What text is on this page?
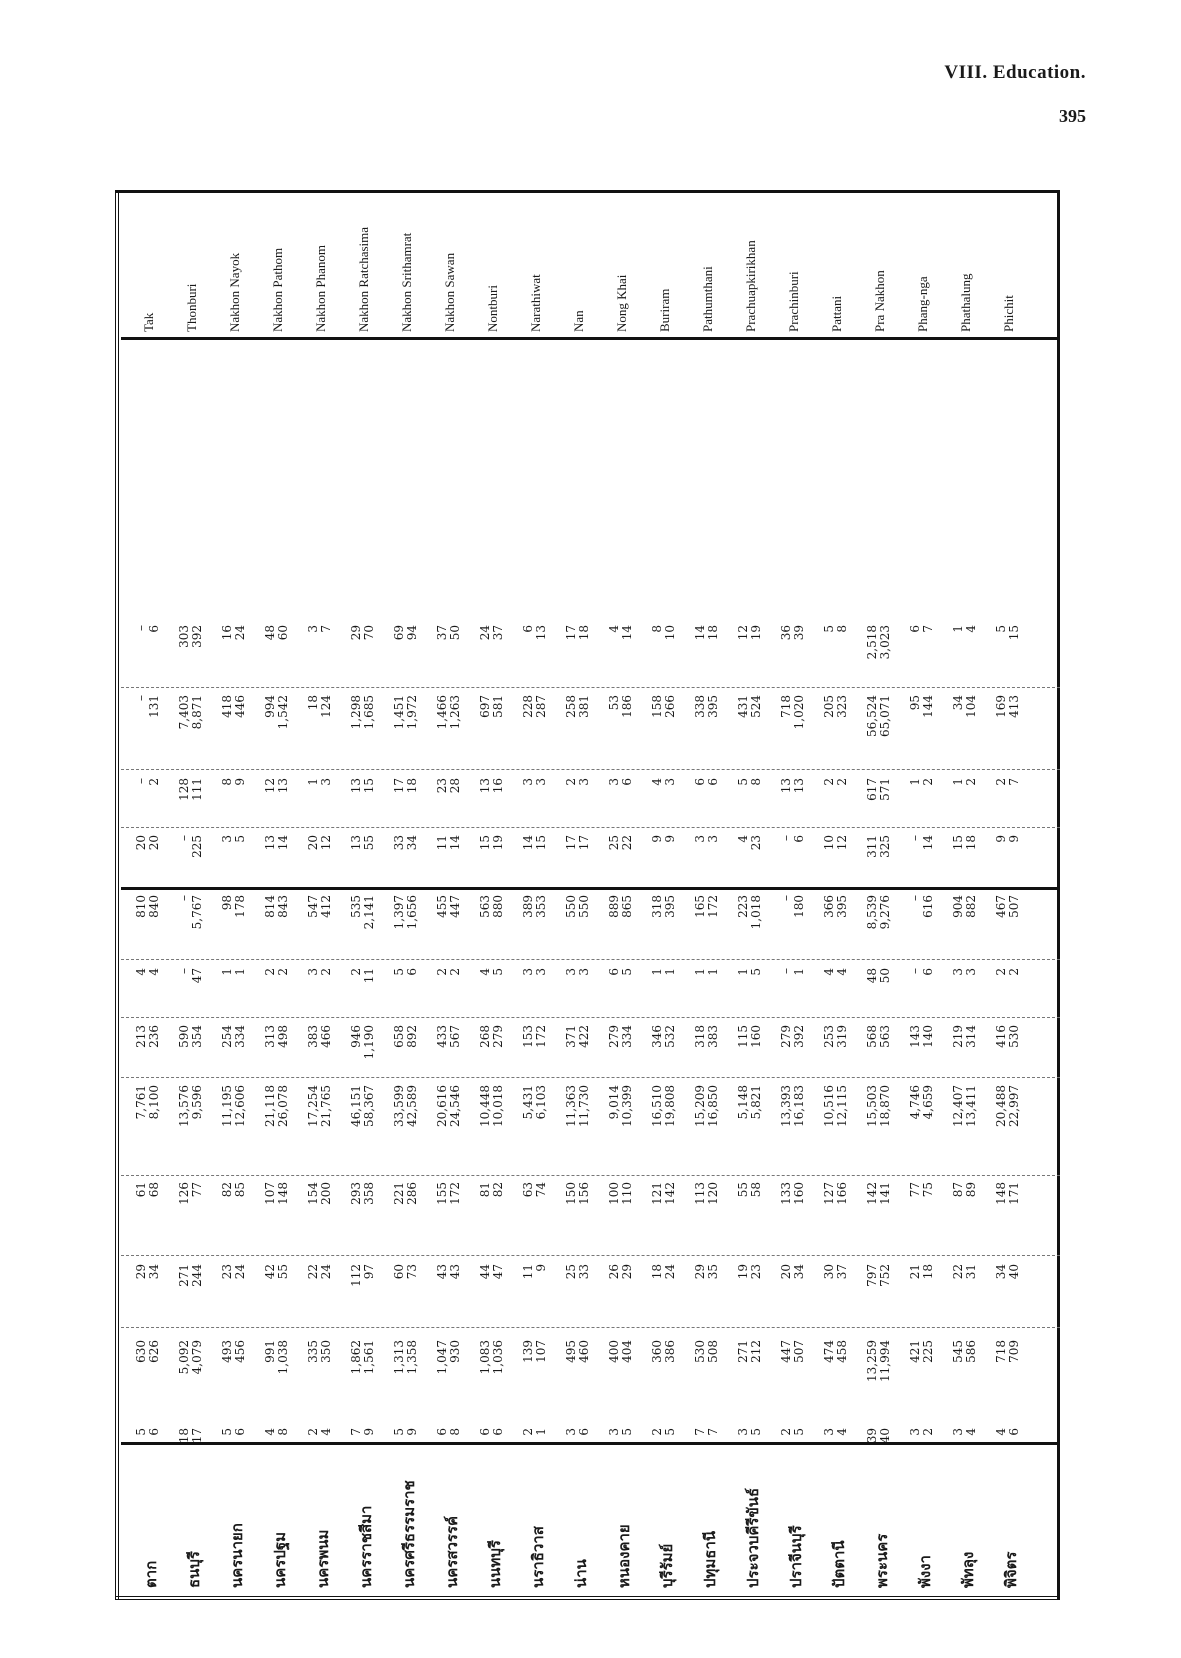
VIII. Education.
395
ตาก
5 6
630 626
29 34
61 68
7,761 8,100
213 236
4 4
810 840
20 20
– 2
– 131
– 6
Tak
ธนบุรี
18 17
5,092 4,079
271 244
126 77
13,576 9,596
590 354
– 47
– 5,767
– 225
128 111
7,403 8,871
303 392
Thonburi
นครนายก
5 6
493 456
23 24
82 85
11,195 12,606
254 334
1 1
98 178
3 5
8 9
418 446
16 24
Nakhon Nayok
นครปฐม
4 8
991 1,038
42 55
107 148
21,118 26,078
313 498
2 2
814 843
13 14
12 13
994 1,542
48 60
Nakhon Pathom
นครพนม
2 4
335 350
22 24
154 200
17,254 21,765
383 466
3 2
547 412
20 12
1 3
18 124
3 7
Nakhon Phanom
นครราชสีมา
7 9
1,862 1,561
112 97
293 358
46,151 58,367
946 1,190
2 11
535 2,141
13 55
13 15
1,298 1,685
29 70
Nakhon Ratchasima
นครศรีธรรมราช
5 9
1,313 1,358
60 73
221 286
33,599 42,589
658 892
5 6
1,397 1,656
33 34
17 18
1,451 1,972
69 94
Nakhon Srithamrat
นครสวรรค์
6 8
1,047 930
43 43
155 172
20,616 24,546
433 567
2 2
455 447
11 14
23 28
1,466 1,263
37 50
Nakhon Sawan
นนทบุรี
6 6
1,083 1,036
44 47
81 82
10,448 10,018
268 279
4 5
563 880
15 19
13 16
697 581
24 37
Nontburi
นราธิวาส
2 1
139 107
11 9
63 74
5,431 6,103
153 172
3 3
389 353
14 15
3 3
228 287
6 13
Narathiwat
น่าน
3 6
495 460
25 33
150 156
11,363 11,730
371 422
3 3
550 550
17 17
2 3
258 381
17 18
Nan
หนองคาย
3 5
400 404
26 29
100 110
9,014 10,399
279 334
6 5
889 865
25 22
3 6
53 186
4 14
Nong Khai
บุรีรัมย์
2 5
360 386
18 24
121 142
16,510 19,808
346 532
1 1
318 395
9 9
4 3
158 266
8 10
Buriram
ปทุมธานี
7 7
530 508
29 35
113 120
15,209 16,850
318 383
1 1
165 172
3 3
6 6
338 395
14 18
Pathumthani
ประจวบคีรีขันธ์
3 5
271 212
19 23
55 58
5,148 5,821
115 160
1 5
223 1,018
4 23
5 8
431 524
12 19
Prachuapkirikhan
ปราจีนบุรี
2 5
447 507
20 34
133 160
13,393 16,183
279 392
– 1
– 180
– 6
13 13
718 1,020
36 39
Prachinburi
ปัตตานี
3 4
474 458
30 37
127 166
10,516 12,115
253 319
4 4
366 395
10 12
2 2
205 323
5 8
Pattani
พระนคร
39 40
13,259 11,994
797 752
142 141
15,503 18,870
568 563
48 50
8,539 9,276
311 325
617 571
56,524 65,071
2,518 3,023
Pra Nakhon
พังงา
3 2
421 225
21 18
77 75
4,746 4,659
143 140
– 6
– 616
– 14
1 2
95 144
6 7
Phang-nga
พัทลุง
3 4
545 586
22 31
87 89
12,407 13,411
219 314
3 3
904 882
15 18
1 2
34 104
1 4
Phathalung
พิจิตร
4 6
718 709
34 40
148 171
20,488 22,997
416 530
2 2
467 507
9 9
2 7
169 413
5 15
Phichit
